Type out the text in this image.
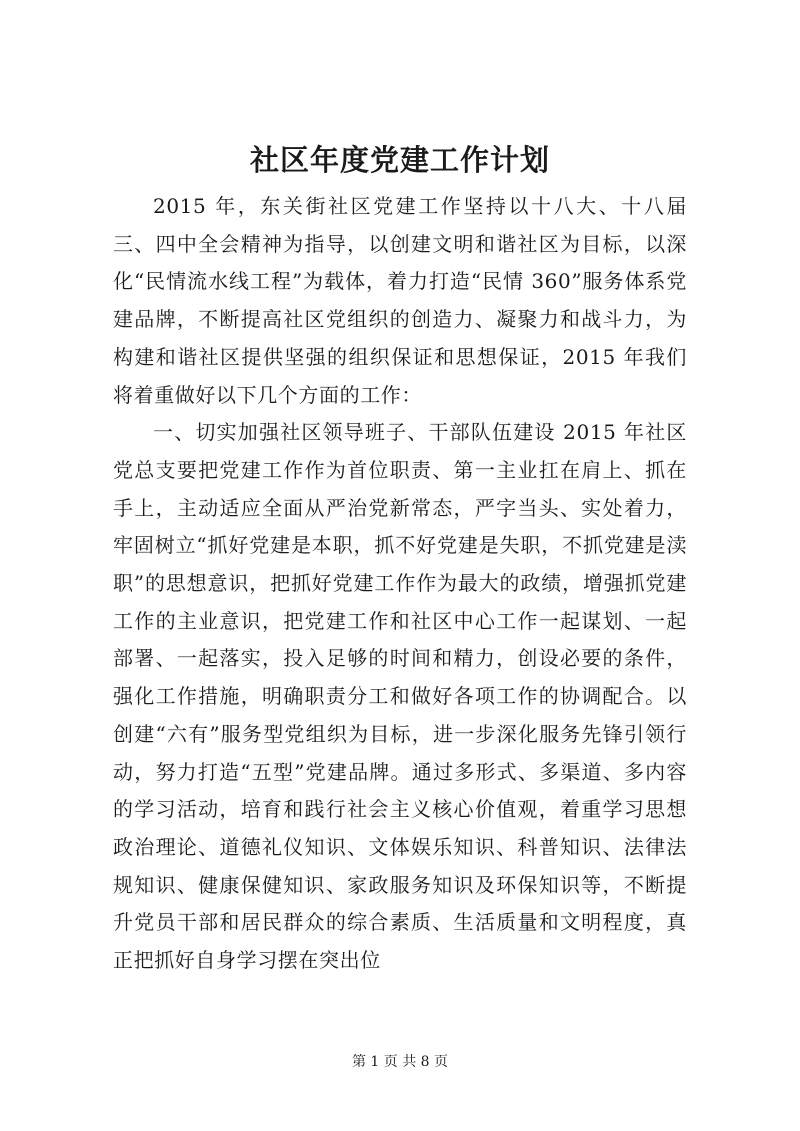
社区年度党建工作计划

2015 年，东关街社区党建工作坚持以十八大、十八届三、四中全会精神为指导，以创建文明和谐社区为目标，以深化“民情流水线工程”为载体，着力打造“民情 360”服务体系党建品牌，不断提高社区党组织的创造力、凝聚力和战斗力，为构建和谐社区提供坚强的组织保证和思想保证，2015 年我们将着重做好以下几个方面的工作：

一、切实加强社区领导班子、干部队伍建设 2015 年社区党总支要把党建工作作为首位职责、第一主业扛在肩上、抓在手上，主动适应全面从严治党新常态，严字当头、实处着力，牢固树立“抓好党建是本职，抓不好党建是失职，不抓党建是渎职”的思想意识，把抓好党建工作作为最大的政绩，增强抓党建工作的主业意识，把党建工作和社区中心工作一起谋划、一起部署、一起落实，投入足够的时间和精力，创设必要的条件，强化工作措施，明确职责分工和做好各项工作的协调配合。以创建“六有”服务型党组织为目标，进一步深化服务先锋引领行动，努力打造“五型”党建品牌。通过多形式、多渠道、多内容的学习活动，培育和践行社会主义核心价值观，着重学习思想政治理论、道德礼仪知识、文体娱乐知识、科普知识、法律法规知识、健康保健知识、家政服务知识及环保知识等，不断提升党员干部和居民群众的综合素质、生活质量和文明程度，真正把抓好自身学习摆在突出位

第 1 页 共 8 页
